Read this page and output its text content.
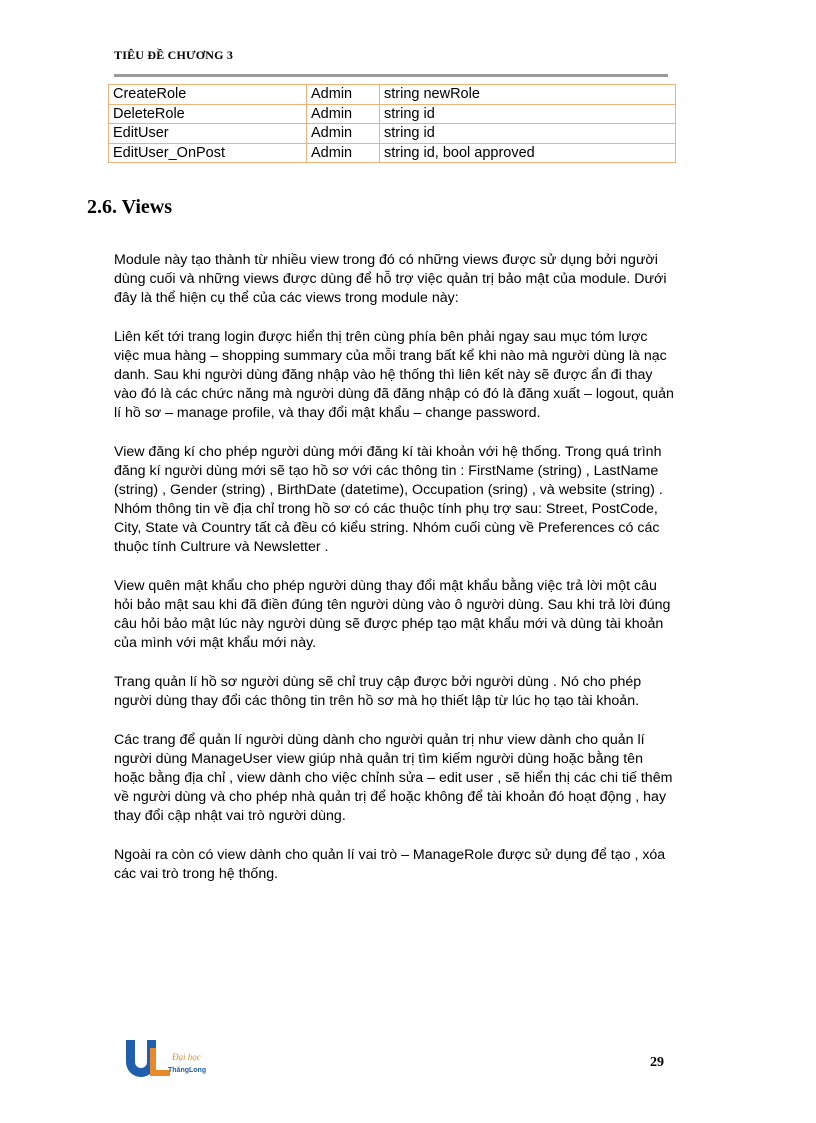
TIÊU ĐỀ CHƯƠNG 3
CreateRole	Admin	string newRole
DeleteRole	Admin	string id
EditUser	Admin	string id
EditUser_OnPost	Admin	string id, bool approved
2.6. Views

Module này tạo thành từ nhiều view trong đó có những views được sử dụng bởi người dùng cuối và những views được dùng để hỗ trợ việc quản trị bảo mật của module. Dưới đây là thể hiện cụ thể của các views trong module này:

Liên kết tới trang login được hiển thị trên cùng phía bên phải ngay sau mục tóm lược việc mua hàng – shopping summary của mỗi trang bất kể khi nào mà người dùng là nạc danh. Sau khi người dùng đăng nhập vào hệ thống thì liên kết này sẽ được ẩn đi thay vào đó là các chức năng mà người dùng đã đăng nhập có đó là đăng xuất – logout, quản lí hồ sơ – manage profile, và thay đổi mật khẩu – change password.

View đăng kí cho phép người dùng mới đăng kí tài khoản với hệ thống. Trong quá trình đăng kí người dùng mới sẽ tạo hồ sơ với các thông tin : FirstName (string) , LastName (string) , Gender (string) , BirthDate (datetime), Occupation (sring) , và website (string) . Nhóm thông tin về địa chỉ trong hồ sơ có các thuộc tính phụ trợ sau: Street, PostCode, City, State và Country tất cả đều có kiểu string. Nhóm cuối cùng về Preferences có các thuộc tính Cultrure và Newsletter .

View quên mật khẩu cho phép người dùng thay đổi mật khẩu bằng việc trả lời một câu hỏi bảo mật sau khi đã điền đúng tên người dùng vào ô người dùng. Sau khi trả lời đúng câu hỏi bảo mật lúc này người dùng sẽ được phép tạo mật khẩu mới và dùng tài khoản của mình với mật khẩu mới này.

Trang quản lí hồ sơ người dùng sẽ chỉ truy cập được bởi người dùng . Nó cho phép người dùng thay đổi các thông tin trên hồ sơ mà họ thiết lập từ lúc họ tạo tài khoản.

Các trang để quản lí người dùng dành cho người quản trị như view dành cho quản lí người dùng ManageUser view giúp nhà quản trị tìm kiếm người dùng hoặc bằng tên hoặc bằng địa chỉ , view dành cho việc chỉnh sửa – edit user , sẽ hiển thị các chi tiế thêm về người dùng và cho phép nhà quản trị để hoặc không để tài khoản đó hoạt động , hay thay đổi cập nhật vai trò người dùng.

Ngoài ra còn có view dành cho quản lí vai trò – ManageRole được sử dụng để tạo , xóa các vai trò trong hệ thống.

Đại học
ThăngLong
29
